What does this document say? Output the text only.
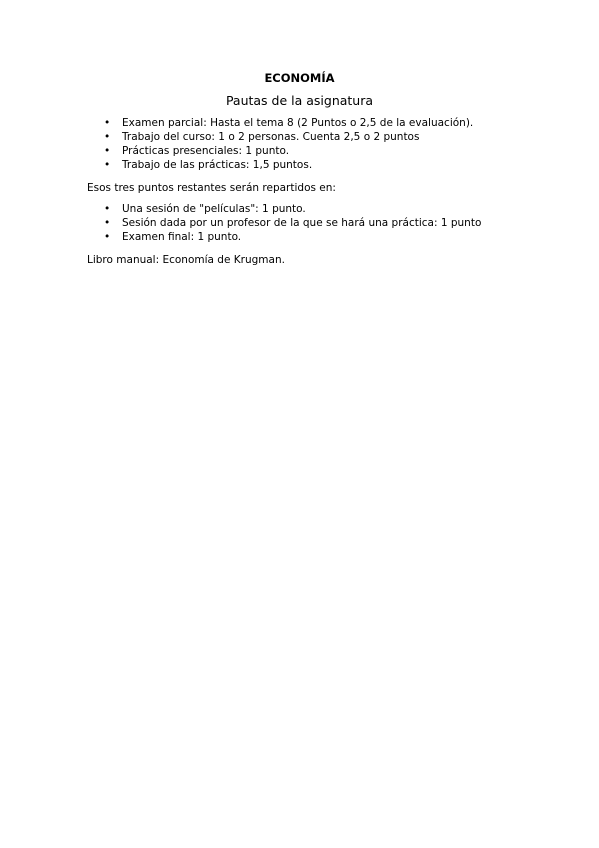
ECONOMÍA
Pautas de la asignatura
•	Examen parcial: Hasta el tema 8 (2 Puntos o 2,5 de la evaluación).
•	Trabajo del curso: 1 o 2 personas. Cuenta 2,5 o 2 puntos
•	Prácticas presenciales: 1 punto.
•	Trabajo de las prácticas: 1,5 puntos.
Esos tres puntos restantes serán repartidos en:
•	Una sesión de "películas": 1 punto.
•	Sesión dada por un profesor de la que se hará una práctica: 1 punto
•	Examen final: 1 punto.
Libro manual: Economía de Krugman.
